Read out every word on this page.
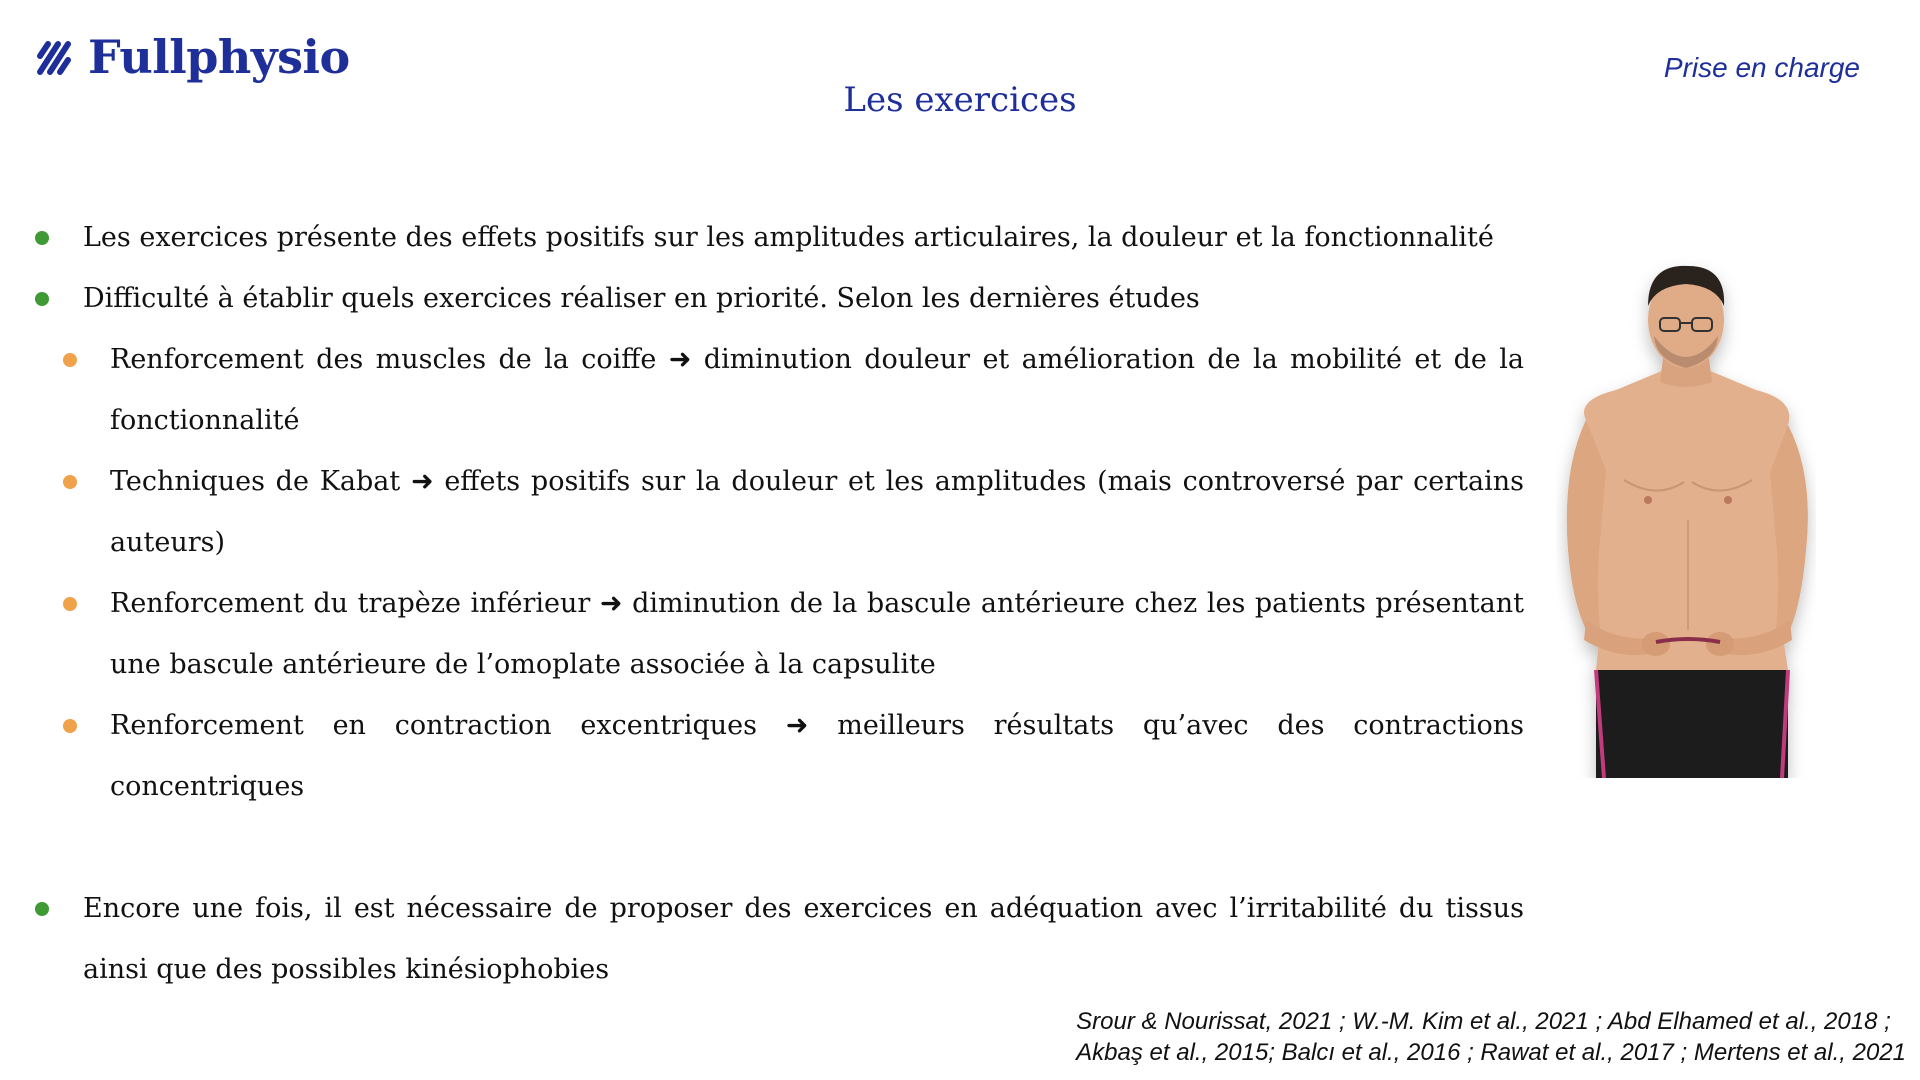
Fullphysio	Prise en charge
Les exercices
Les exercices présente des effets positifs sur les amplitudes articulaires, la douleur et la fonctionnalité
Difficulté à établir quels exercices réaliser en priorité. Selon les dernières études
Renforcement des muscles de la coiffe ➜ diminution douleur et amélioration de la mobilité et de la fonctionnalité
Techniques de Kabat ➜ effets positifs sur la douleur et les amplitudes (mais controversé par certains auteurs)
Renforcement du trapèze inférieur ➜ diminution de la bascule antérieure chez les patients présentant une bascule antérieure de l’omoplate associée à la capsulite
Renforcement en contraction excentriques ➜ meilleurs résultats qu’avec des contractions concentriques
Encore une fois, il est nécessaire de proposer des exercices en adéquation avec l’irritabilité du tissus ainsi que des possibles kinésiophobies
Srour & Nourissat, 2021 ; W.-M. Kim et al., 2021 ; Abd Elhamed et al., 2018 ;
Akbaş et al., 2015; Balcı et al., 2016 ; Rawat et al., 2017 ; Mertens et al., 2021
